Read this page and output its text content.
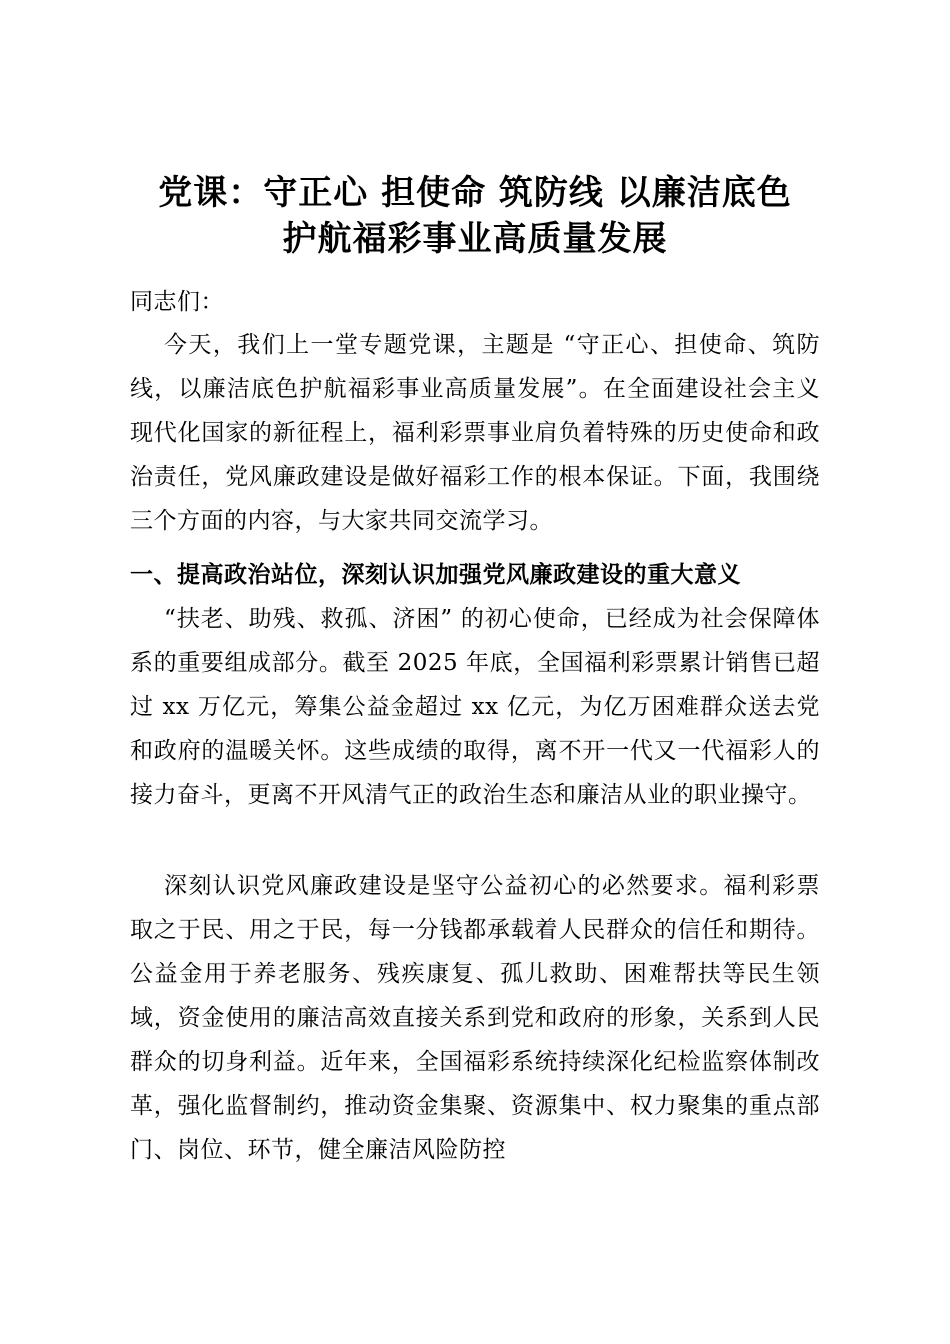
党课：守正心 担使命 筑防线 以廉洁底色
护航福彩事业高质量发展
同志们：
今天，我们上一堂专题党课，主题是 “守正心、担使命、筑防线，以廉洁底色护航福彩事业高质量发展”。在全面建设社会主义现代化国家的新征程上，福利彩票事业肩负着特殊的历史使命和政治责任，党风廉政建设是做好福彩工作的根本保证。下面，我围绕三个方面的内容，与大家共同交流学习。
一、提高政治站位，深刻认识加强党风廉政建设的重大意义
“扶老、助残、救孤、济困” 的初心使命，已经成为社会保障体系的重要组成部分。截至 2025 年底，全国福利彩票累计销售已超过 xx 万亿元，筹集公益金超过 xx 亿元，为亿万困难群众送去党和政府的温暖关怀。这些成绩的取得，离不开一代又一代福彩人的接力奋斗，更离不开风清气正的政治生态和廉洁从业的职业操守。
深刻认识党风廉政建设是坚守公益初心的必然要求。福利彩票取之于民、用之于民，每一分钱都承载着人民群众的信任和期待。公益金用于养老服务、残疾康复、孤儿救助、困难帮扶等民生领域，资金使用的廉洁高效直接关系到党和政府的形象，关系到人民群众的切身利益。近年来，全国福彩系统持续深化纪检监察体制改革，强化监督制约，推动资金集聚、资源集中、权力聚集的重点部门、岗位、环节，健全廉洁风险防控
